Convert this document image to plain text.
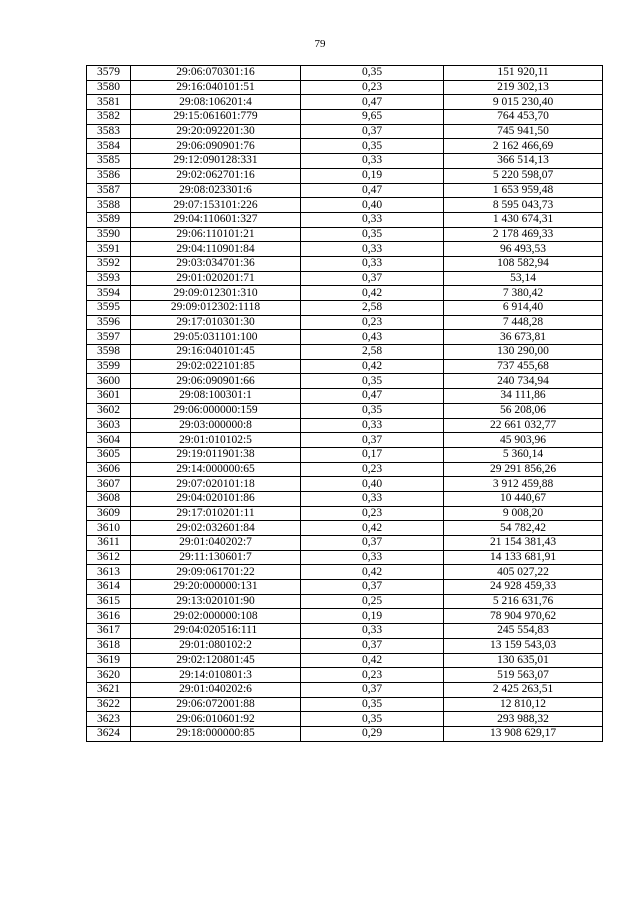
79
3579	29:06:070301:16	0,35	151 920,11
3580	29:16:040101:51	0,23	219 302,13
3581	29:08:106201:4	0,47	9 015 230,40
3582	29:15:061601:779	9,65	764 453,70
3583	29:20:092201:30	0,37	745 941,50
3584	29:06:090901:76	0,35	2 162 466,69
3585	29:12:090128:331	0,33	366 514,13
3586	29:02:062701:16	0,19	5 220 598,07
3587	29:08:023301:6	0,47	1 653 959,48
3588	29:07:153101:226	0,40	8 595 043,73
3589	29:04:110601:327	0,33	1 430 674,31
3590	29:06:110101:21	0,35	2 178 469,33
3591	29:04:110901:84	0,33	96 493,53
3592	29:03:034701:36	0,33	108 582,94
3593	29:01:020201:71	0,37	53,14
3594	29:09:012301:310	0,42	7 380,42
3595	29:09:012302:1118	2,58	6 914,40
3596	29:17:010301:30	0,23	7 448,28
3597	29:05:031101:100	0,43	36 673,81
3598	29:16:040101:45	2,58	130 290,00
3599	29:02:022101:85	0,42	737 455,68
3600	29:06:090901:66	0,35	240 734,94
3601	29:08:100301:1	0,47	34 111,86
3602	29:06:000000:159	0,35	56 208,06
3603	29:03:000000:8	0,33	22 661 032,77
3604	29:01:010102:5	0,37	45 903,96
3605	29:19:011901:38	0,17	5 360,14
3606	29:14:000000:65	0,23	29 291 856,26
3607	29:07:020101:18	0,40	3 912 459,88
3608	29:04:020101:86	0,33	10 440,67
3609	29:17:010201:11	0,23	9 008,20
3610	29:02:032601:84	0,42	54 782,42
3611	29:01:040202:7	0,37	21 154 381,43
3612	29:11:130601:7	0,33	14 133 681,91
3613	29:09:061701:22	0,42	405 027,22
3614	29:20:000000:131	0,37	24 928 459,33
3615	29:13:020101:90	0,25	5 216 631,76
3616	29:02:000000:108	0,19	78 904 970,62
3617	29:04:020516:111	0,33	245 554,83
3618	29:01:080102:2	0,37	13 159 543,03
3619	29:02:120801:45	0,42	130 635,01
3620	29:14:010801:3	0,23	519 563,07
3621	29:01:040202:6	0,37	2 425 263,51
3622	29:06:072001:88	0,35	12 810,12
3623	29:06:010601:92	0,35	293 988,32
3624	29:18:000000:85	0,29	13 908 629,17
